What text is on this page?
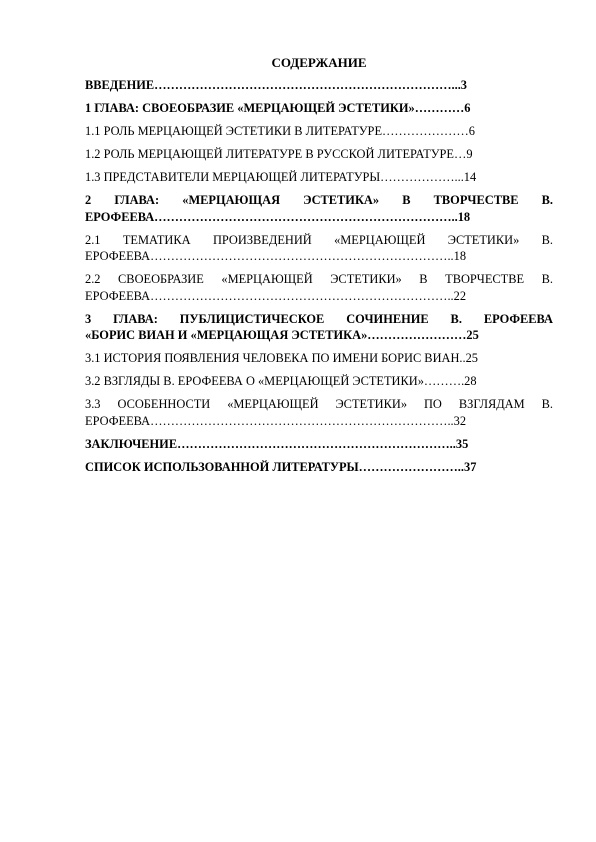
СОДЕРЖАНИЕ
ВВЕДЕНИЕ………………………………………………………………...3
1 ГЛАВА: СВОЕОБРАЗИЕ «МЕРЦАЮЩЕЙ ЭСТЕТИКИ»…………6
1.1 РОЛЬ МЕРЦАЮЩЕЙ ЭСТЕТИКИ В ЛИТЕРАТУРЕ…………………6
1.2 РОЛЬ МЕРЦАЮЩЕЙ ЛИТЕРАТУРЕ В РУССКОЙ ЛИТЕРАТУРЕ…9
1.3 ПРЕДСТАВИТЕЛИ МЕРЦАЮЩЕЙ ЛИТЕРАТУРЫ………………...14
2 ГЛАВА: «МЕРЦАЮЩАЯ ЭСТЕТИКА» В ТВОРЧЕСТВЕ В.
ЕРОФЕЕВА………………………………………………………………..18
2.1 ТЕМАТИКА ПРОИЗВЕДЕНИЙ «МЕРЦАЮЩЕЙ ЭСТЕТИКИ» В.
ЕРОФЕЕВА………………………………………………………………..18
2.2 СВОЕОБРАЗИЕ «МЕРЦАЮЩЕЙ ЭСТЕТИКИ» В ТВОРЧЕСТВЕ В.
ЕРОФЕЕВА………………………………………………………………..22
3 ГЛАВА: ПУБЛИЦИСТИЧЕСКОЕ СОЧИНЕНИЕ В. ЕРОФЕЕВА
«БОРИС ВИАН И «МЕРЦАЮЩАЯ ЭСТЕТИКА»……………………25
3.1 ИСТОРИЯ ПОЯВЛЕНИЯ ЧЕЛОВЕКА ПО ИМЕНИ БОРИС ВИАН..25
3.2 ВЗГЛЯДЫ В. ЕРОФЕЕВА О «МЕРЦАЮЩЕЙ ЭСТЕТИКИ»……….28
3.3 ОСОБЕННОСТИ «МЕРЦАЮЩЕЙ ЭСТЕТИКИ» ПО ВЗГЛЯДАМ В.
ЕРОФЕЕВА………………………………………………………………..32
ЗАКЛЮЧЕНИЕ…………………………………………………………..35
СПИСОК ИСПОЛЬЗОВАННОЙ ЛИТЕРАТУРЫ……………………..37
